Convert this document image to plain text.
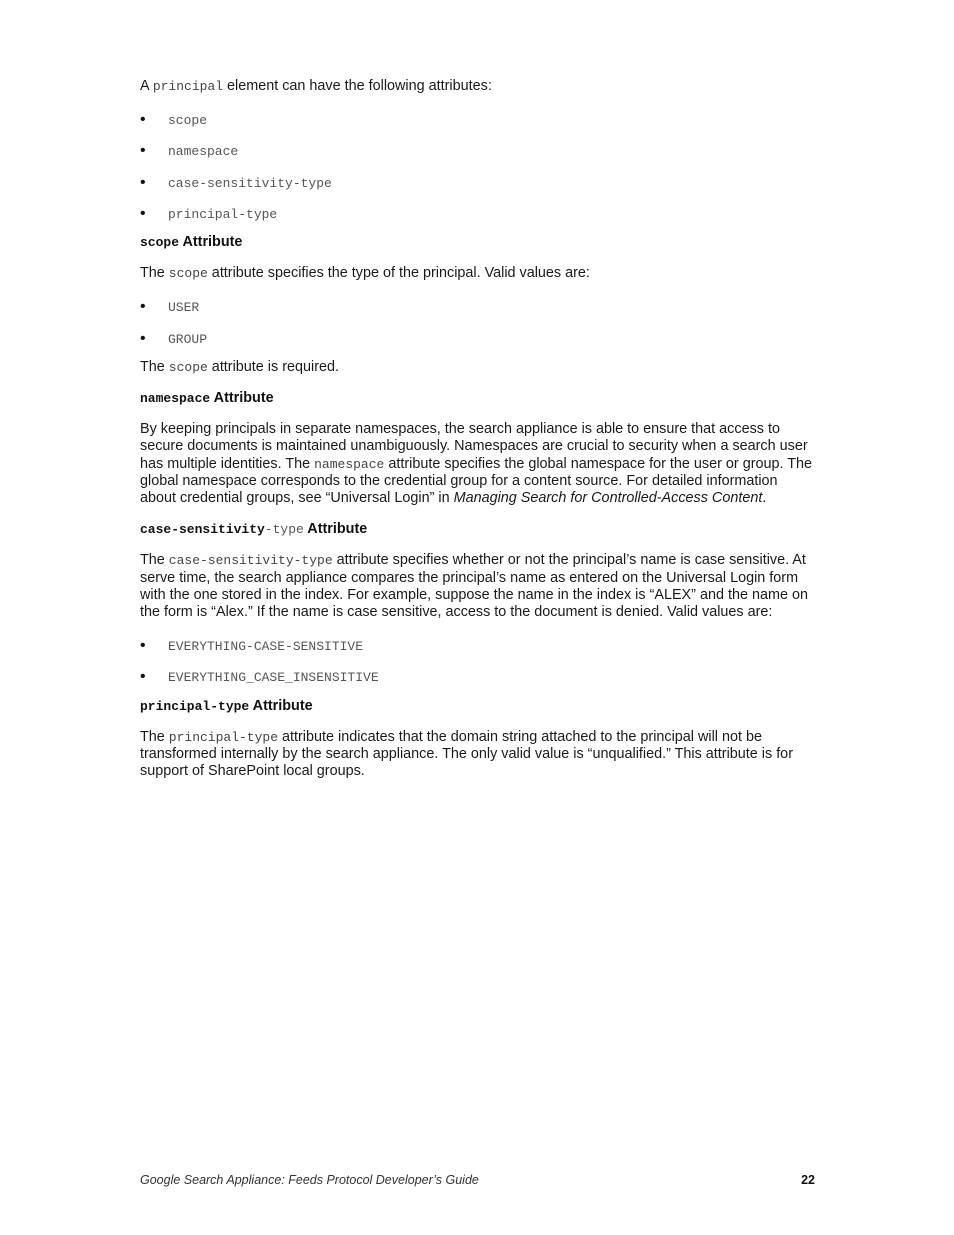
A principal element can have the following attributes:

• scope
• namespace
• case-sensitivity-type
• principal-type
scope Attribute

The scope attribute specifies the type of the principal. Valid values are:

• USER
• GROUP

The scope attribute is required.

namespace Attribute

By keeping principals in separate namespaces, the search appliance is able to ensure that access to secure documents is maintained unambiguously. Namespaces are crucial to security when a search user has multiple identities. The namespace attribute specifies the global namespace for the user or group. The global namespace corresponds to the credential group for a content source. For detailed information about credential groups, see “Universal Login” in Managing Search for Controlled-Access Content.

case-sensitivity-type Attribute

The case-sensitivity-type attribute specifies whether or not the principal’s name is case sensitive. At serve time, the search appliance compares the principal’s name as entered on the Universal Login form with the one stored in the index. For example, suppose the name in the index is “ALEX” and the name on the form is “Alex.” If the name is case sensitive, access to the document is denied. Valid values are:

• EVERYTHING-CASE-SENSITIVE
• EVERYTHING_CASE_INSENSITIVE
principal-type Attribute

The principal-type attribute indicates that the domain string attached to the principal will not be transformed internally by the search appliance. The only valid value is “unqualified.” This attribute is for support of SharePoint local groups.

Google Search Appliance: Feeds Protocol Developer’s Guide	22
